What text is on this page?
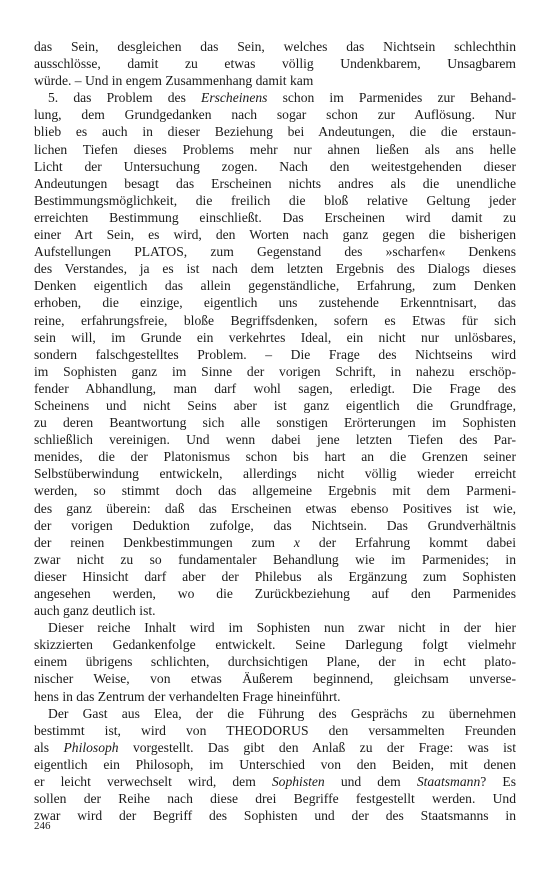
das Sein, desgleichen das Sein, welches das Nichtsein schlechthin
ausschlösse, damit zu etwas völlig Undenkbarem, Unsagbarem
würde. – Und in engem Zusammenhang damit kam
5. das Problem des Erscheinens schon im Parmenides zur Behand-
lung, dem Grundgedanken nach sogar schon zur Auflösung. Nur
blieb es auch in dieser Beziehung bei Andeutungen, die die erstaun-
lichen Tiefen dieses Problems mehr nur ahnen ließen als ans helle
Licht der Untersuchung zogen. Nach den weitestgehenden dieser
Andeutungen besagt das Erscheinen nichts andres als die unendliche
Bestimmungsmöglichkeit, die freilich die bloß relative Geltung jeder
erreichten Bestimmung einschließt. Das Erscheinen wird damit zu
einer Art Sein, es wird, den Worten nach ganz gegen die bisherigen
Aufstellungen PLATOS, zum Gegenstand des »scharfen« Denkens
des Verstandes, ja es ist nach dem letzten Ergebnis des Dialogs dieses
Denken eigentlich das allein gegenständliche, Erfahrung, zum Denken
erhoben, die einzige, eigentlich uns zustehende Erkenntnisart, das
reine, erfahrungsfreie, bloße Begriffsdenken, sofern es Etwas für sich
sein will, im Grunde ein verkehrtes Ideal, ein nicht nur unlösbares,
sondern falschgestelltes Problem. – Die Frage des Nichtseins wird
im Sophisten ganz im Sinne der vorigen Schrift, in nahezu erschöp-
fender Abhandlung, man darf wohl sagen, erledigt. Die Frage des
Scheinens und nicht Seins aber ist ganz eigentlich die Grundfrage,
zu deren Beantwortung sich alle sonstigen Erörterungen im Sophisten
schließlich vereinigen. Und wenn dabei jene letzten Tiefen des Par-
menides, die der Platonismus schon bis hart an die Grenzen seiner
Selbstüberwindung entwickeln, allerdings nicht völlig wieder erreicht
werden, so stimmt doch das allgemeine Ergebnis mit dem Parmeni-
des ganz überein: daß das Erscheinen etwas ebenso Positives ist wie,
der vorigen Deduktion zufolge, das Nichtsein. Das Grundverhältnis
der reinen Denkbestimmungen zum x der Erfahrung kommt dabei
zwar nicht zu so fundamentaler Behandlung wie im Parmenides; in
dieser Hinsicht darf aber der Philebus als Ergänzung zum Sophisten
angesehen werden, wo die Zurückbeziehung auf den Parmenides
auch ganz deutlich ist.
Dieser reiche Inhalt wird im Sophisten nun zwar nicht in der hier
skizzierten Gedankenfolge entwickelt. Seine Darlegung folgt vielmehr
einem übrigens schlichten, durchsichtigen Plane, der in echt plato-
nischer Weise, von etwas Äußerem beginnend, gleichsam unverse-
hens in das Zentrum der verhandelten Frage hineinführt.
Der Gast aus Elea, der die Führung des Gesprächs zu übernehmen
bestimmt ist, wird von THEODORUS den versammelten Freunden
als Philosoph vorgestellt. Das gibt den Anlaß zu der Frage: was ist
eigentlich ein Philosoph, im Unterschied von den Beiden, mit denen
er leicht verwechselt wird, dem Sophisten und dem Staatsmann? Es
sollen der Reihe nach diese drei Begriffe festgestellt werden. Und
zwar wird der Begriff des Sophisten und der des Staatsmanns in
246
